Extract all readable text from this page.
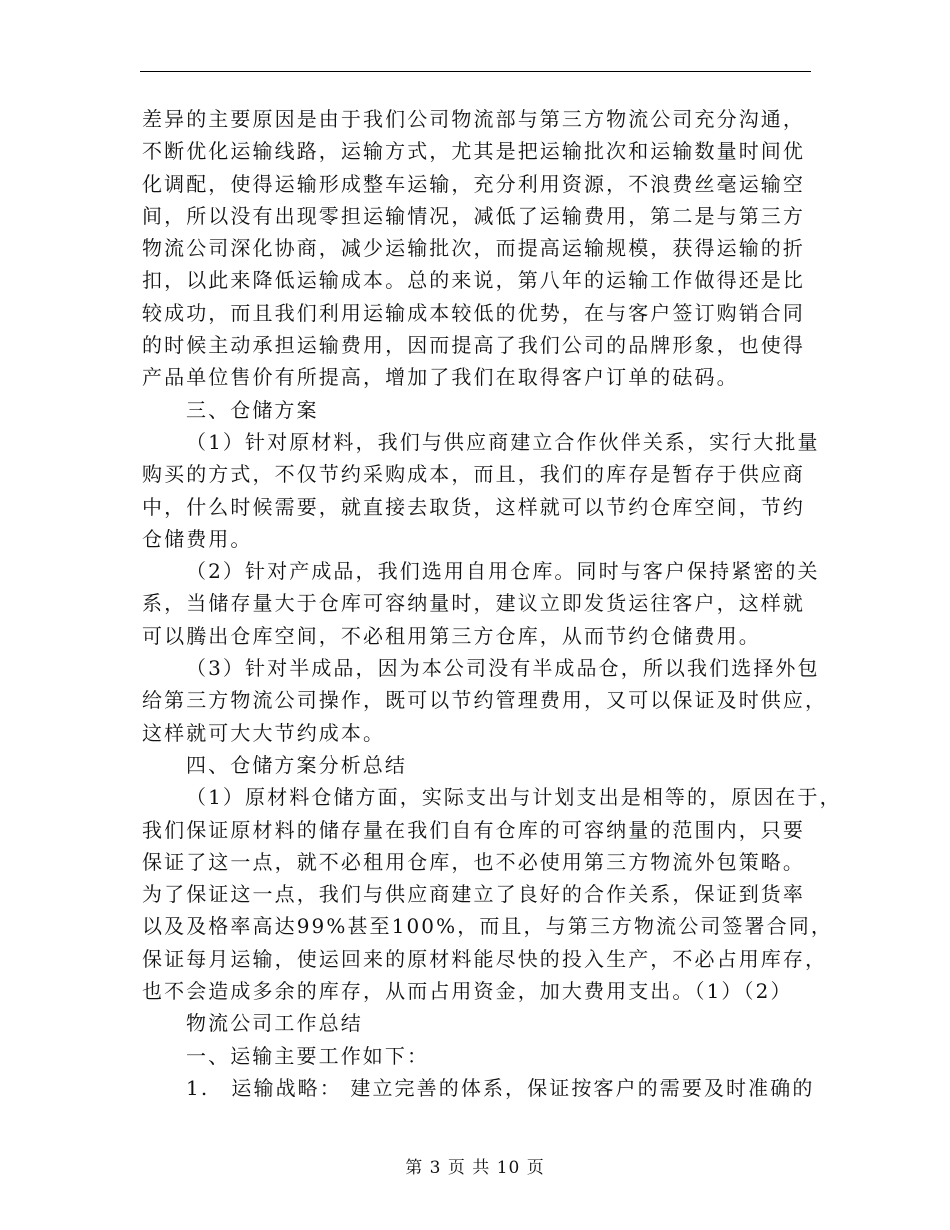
差异的主要原因是由于我们公司物流部与第三方物流公司充分沟通，
不断优化运输线路，运输方式，尤其是把运输批次和运输数量时间优
化调配，使得运输形成整车运输，充分利用资源，不浪费丝毫运输空
间，所以没有出现零担运输情况，减低了运输费用，第二是与第三方
物流公司深化协商，减少运输批次，而提高运输规模，获得运输的折
扣，以此来降低运输成本。总的来说，第八年的运输工作做得还是比
较成功，而且我们利用运输成本较低的优势，在与客户签订购销合同
的时候主动承担运输费用，因而提高了我们公司的品牌形象，也使得
产品单位售价有所提高，增加了我们在取得客户订单的砝码。
三、仓储方案
（1）针对原材料，我们与供应商建立合作伙伴关系，实行大批量
购买的方式，不仅节约采购成本，而且，我们的库存是暂存于供应商
中，什么时候需要，就直接去取货，这样就可以节约仓库空间，节约
仓储费用。
（2）针对产成品，我们选用自用仓库。同时与客户保持紧密的关
系，当储存量大于仓库可容纳量时，建议立即发货运往客户，这样就
可以腾出仓库空间，不必租用第三方仓库，从而节约仓储费用。
（3）针对半成品，因为本公司没有半成品仓，所以我们选择外包
给第三方物流公司操作，既可以节约管理费用，又可以保证及时供应，
这样就可大大节约成本。
四、仓储方案分析总结
（1）原材料仓储方面，实际支出与计划支出是相等的，原因在于，
我们保证原材料的储存量在我们自有仓库的可容纳量的范围内，只要
保证了这一点，就不必租用仓库，也不必使用第三方物流外包策略。
为了保证这一点，我们与供应商建立了良好的合作关系，保证到货率
以及及格率高达99%甚至100%，而且，与第三方物流公司签署合同，
保证每月运输，使运回来的原材料能尽快的投入生产，不必占用库存，
也不会造成多余的库存，从而占用资金，加大费用支出。（1）（2）
物流公司工作总结
一、运输主要工作如下：
1.　运输战略： 建立完善的体系，保证按客户的需要及时准确的
第 3 页 共 10 页
